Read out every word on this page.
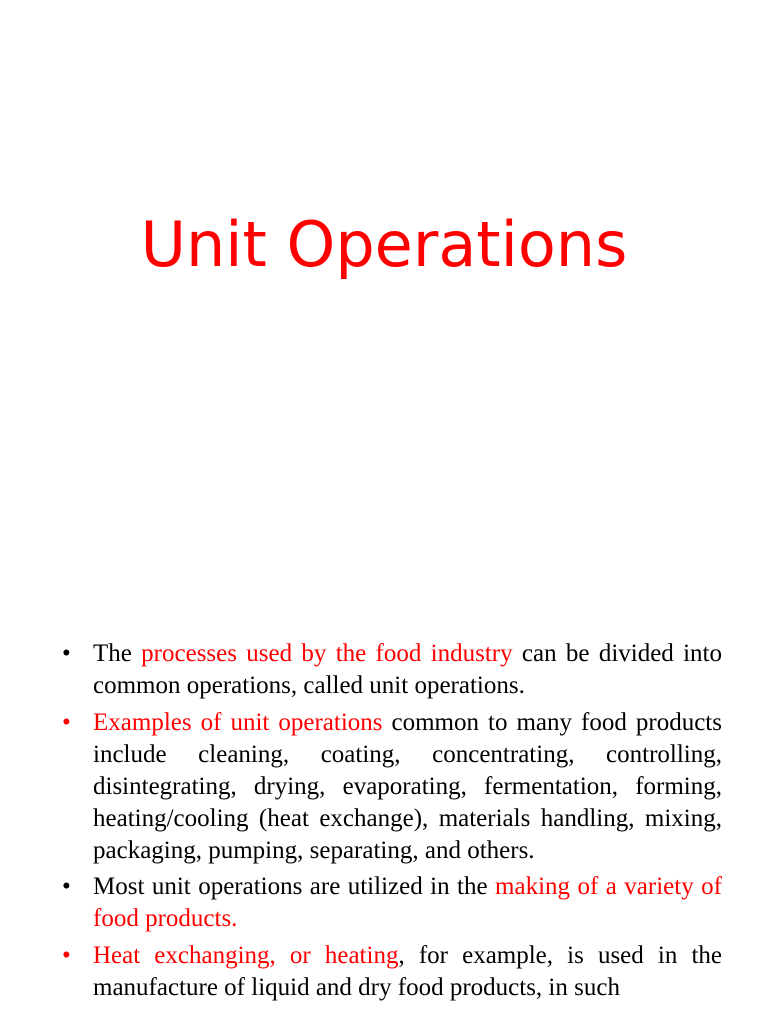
Unit Operations
• The processes used by the food industry can be divided into common operations, called unit operations.
• Examples of unit operations common to many food products include cleaning, coating, concentrating, controlling, disintegrating, drying, evaporating, fermentation, forming, heating/cooling (heat exchange), materials handling, mixing, packaging, pumping, separating, and others.
• Most unit operations are utilized in the making of a variety of food products.
• Heat exchanging, or heating, for example, is used in the manufacture of liquid and dry food products, in such
